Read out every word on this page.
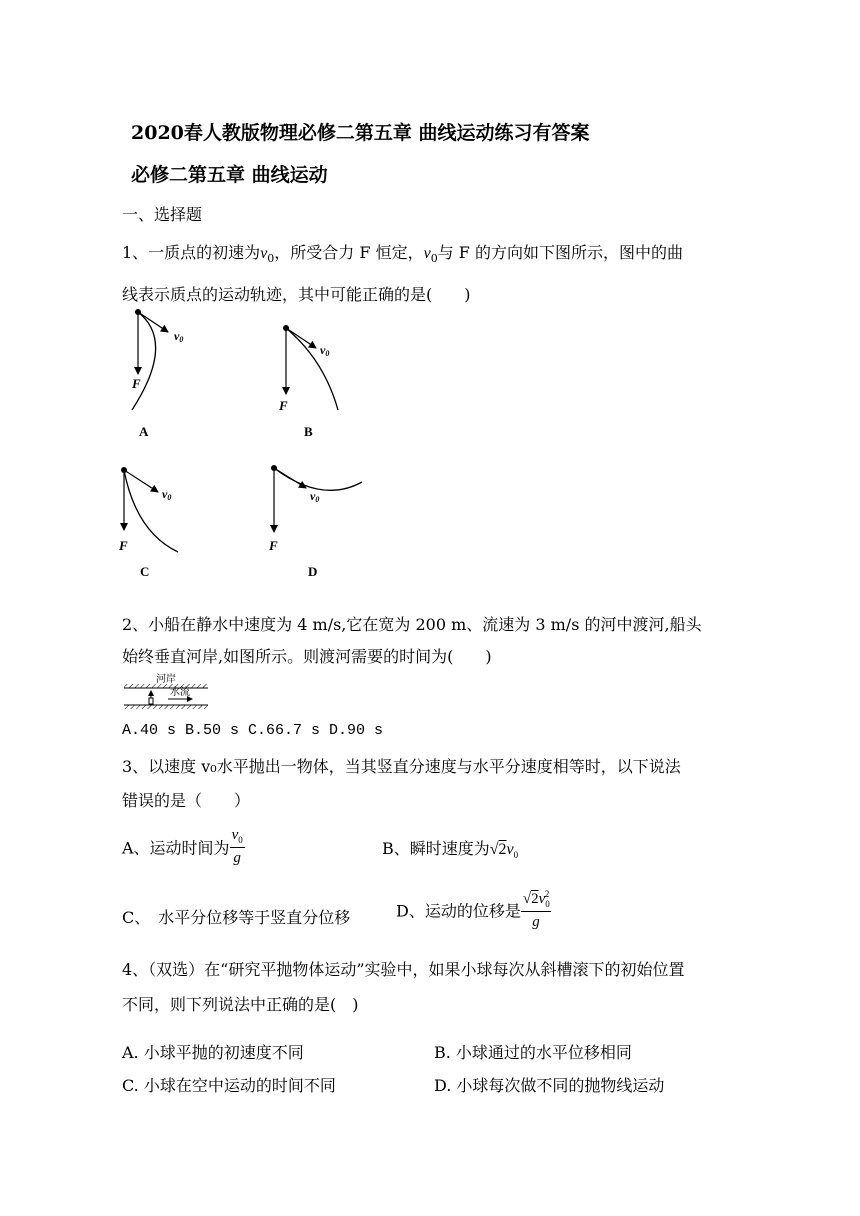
2020春人教版物理必修二第五章 曲线运动练习有答案
必修二第五章 曲线运动
一、选择题
1、一质点的初速为$v_0$，所受合力 F 恒定，$v_0$与 F 的方向如下图所示，图中的曲
线表示质点的运动轨迹，其中可能正确的是(　　)
F
v0
A
F
v0
B
F
v0
C
F
v0
D
2、小船在静水中速度为 4 m/s,它在宽为 200 m、流速为 3 m/s 的河中渡河,船头
始终垂直河岸,如图所示。则渡河需要的时间为(　　)
河岸
水流
A.40 s B.50 s C.66.7 s D.90 s
3、以速度 v₀水平抛出一物体，当其竖直分速度与水平分速度相等时，以下说法
错误的是（　　）
A、运动时间为 $\frac{v_0}{g}$	B、瞬时速度为$√2v_0$
C、　水平分位移等于竖直分位移	D、运动的位移是 $\frac{√2v_0^2}{g}$
4、（双选）在“研究平抛物体运动”实验中，如果小球每次从斜槽滚下的初始位置
不同，则下列说法中正确的是(　)
A. 小球平抛的初速度不同	B. 小球通过的水平位移相同
C. 小球在空中运动的时间不同	D. 小球每次做不同的抛物线运动
